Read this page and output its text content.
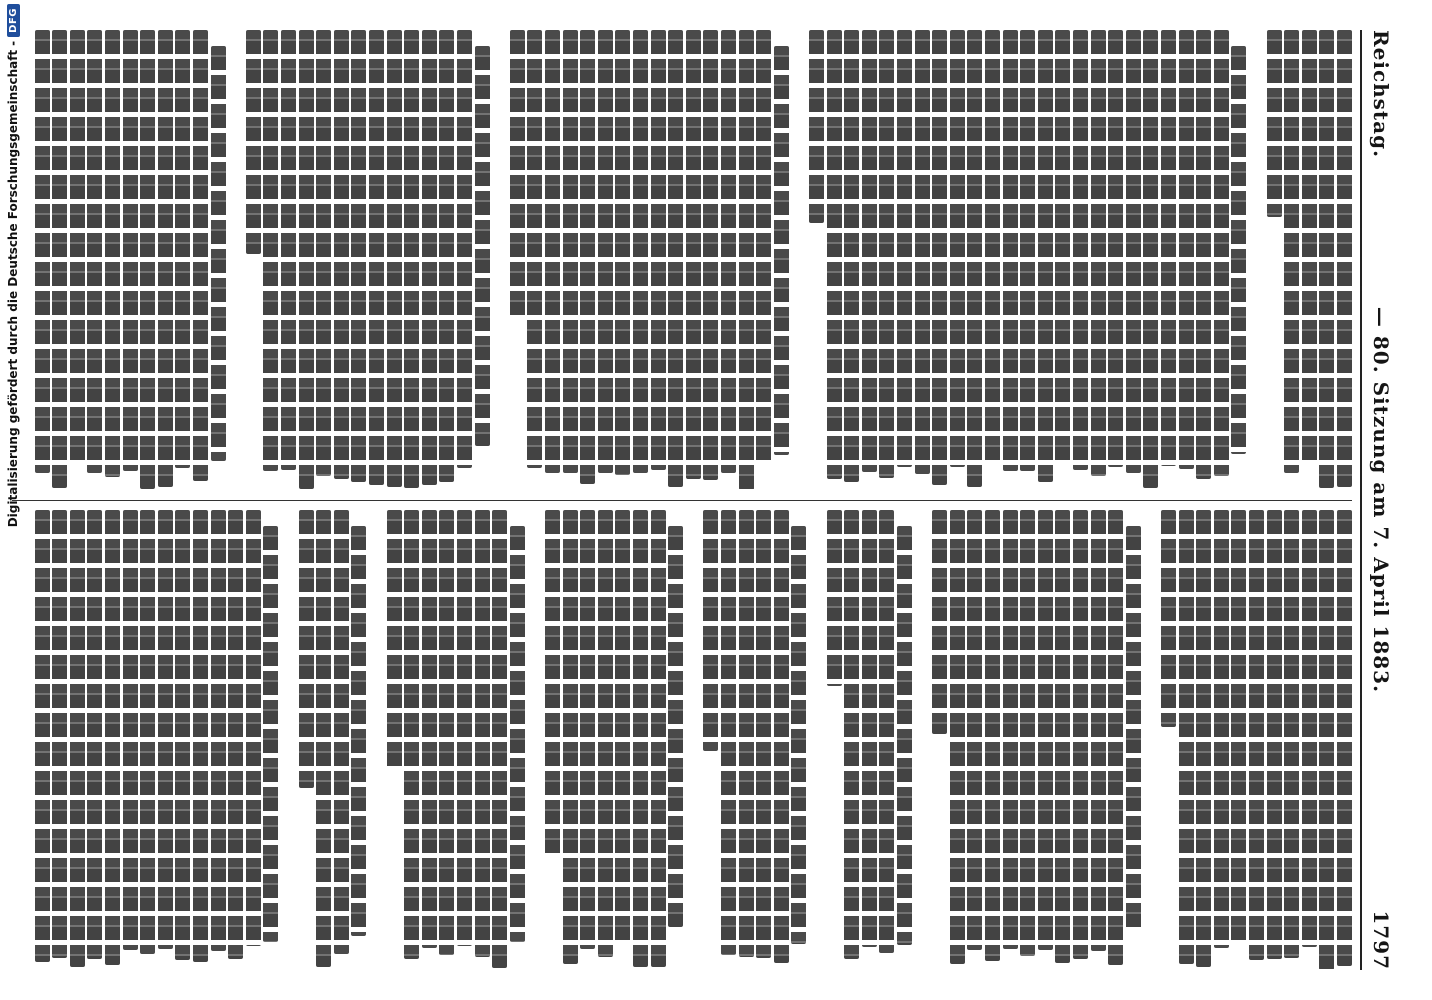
Reichstag.
— 80. Sitzung am 7. April 1883.
1797
Digitalisierung gefördert durch die Deutsche Forschungsgemeinschaft
-
DFG
